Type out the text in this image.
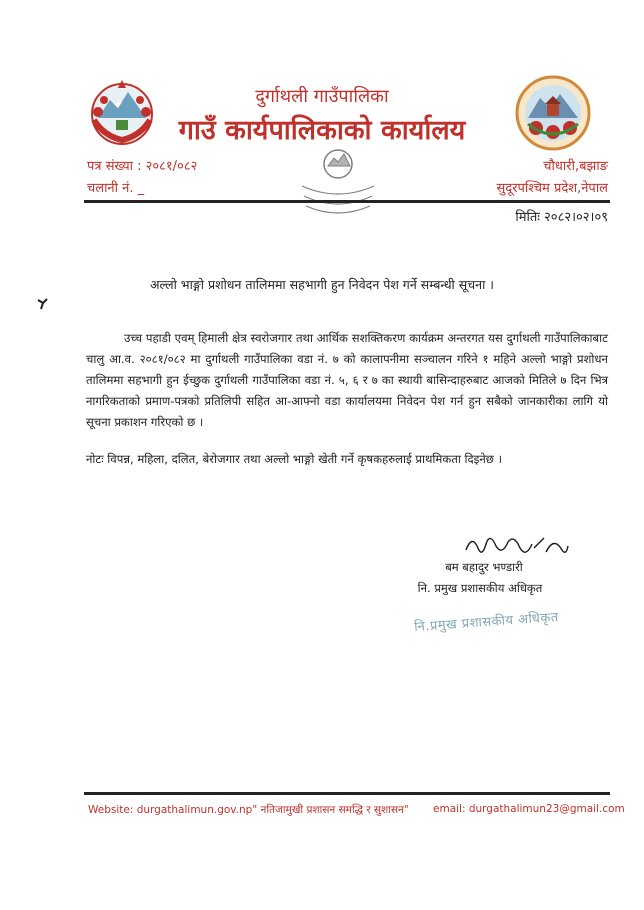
दुर्गाथली गाउँपालिका
गाउँ कार्यपालिकाको कार्यालय
पत्र संख्या : २०८१/०८२
चलानी नं. _
चौधारी,बझाङ
सुदूरपश्चिम प्रदेश,नेपाल
मितिः २०८२।०२।०९
अल्लो भाङ्गो प्रशोधन तालिममा सहभागी हुन निवेदन पेश गर्ने सम्बन्धी सूचना ।
उच्च पहाडी एवम् हिमाली क्षेत्र स्वरोजगार तथा आर्थिक सशक्तिकरण कार्यक्रम अन्तरगत यस दुर्गाथली गाउँपालिकाबाट चालु आ.व. २०८१/०८२ मा दुर्गाथली गाउँपालिका वडा नं. ७ को कालापनीमा सञ्चालन गरिने १ महिने अल्लो भाङ्गो प्रशोधन तालिममा सहभागी हुन ईच्छुक दुर्गाथली गाउँपालिका वडा नं. ५, ६ र ७ का स्थायी बासिन्दाहरुबाट आजको मितिले ७ दिन भित्र नागरिकताको प्रमाण-पत्रको प्रतिलिपी सहित आ-आफ्नो वडा कार्यालयमा निवेदन पेश गर्न हुन सबैको जानकारीका लागि यो सूचना प्रकाशन गरिएको छ ।
नोटः विपन्न, महिला, दलित, बेरोजगार तथा अल्लो भाङ्गो खेती गर्ने कृषकहरुलाई प्राथमिकता दिइनेछ ।
बम बहादुर भण्डारी
नि. प्रमुख प्रशासकीय अधिकृत
नि.प्रमुख प्रशासकीय अधिकृत
Website: durgathalimun.gov.np" नतिजामुखी प्रशासन समद्धि र सुशासन" email: durgathalimun23@gmail.com
